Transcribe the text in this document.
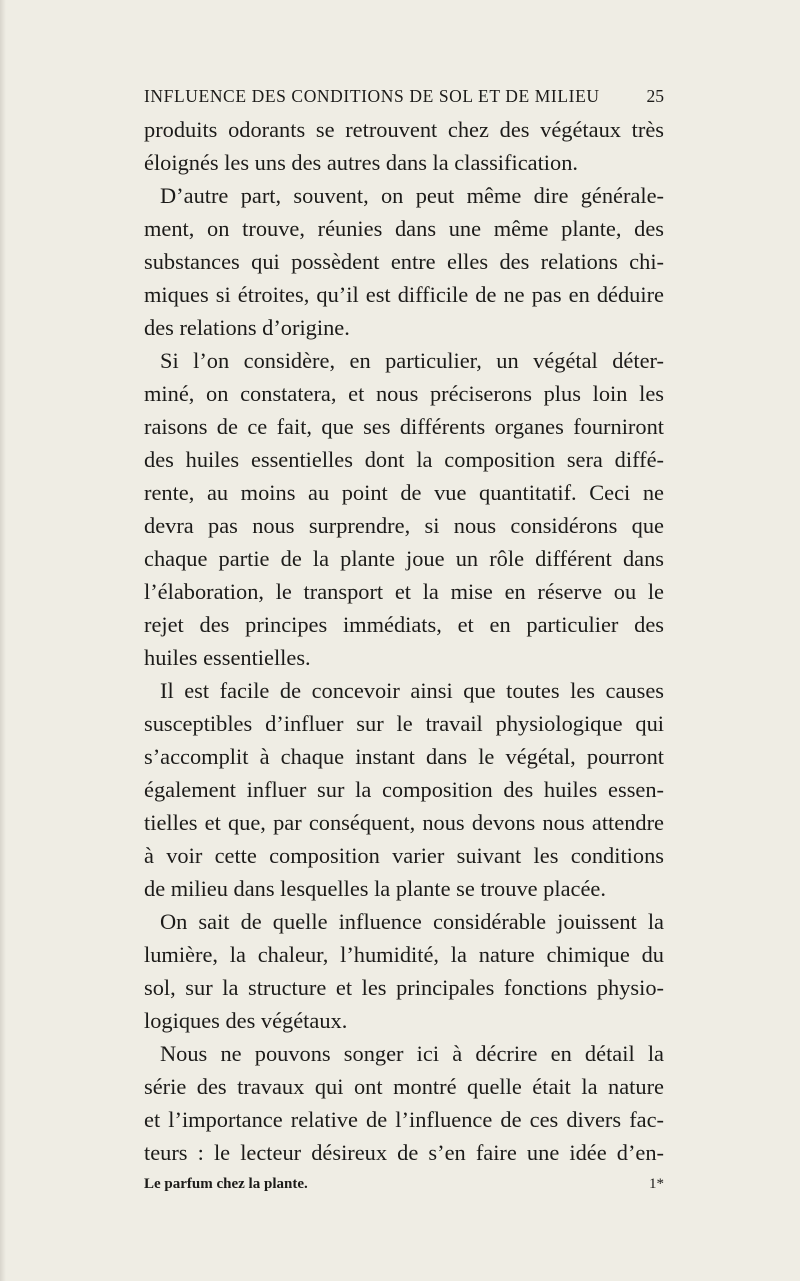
INFLUENCE DES CONDITIONS DE SOL ET DE MILIEU	25
produits odorants se retrouvent chez des végétaux très
éloignés les uns des autres dans la classification.
D’autre part, souvent, on peut même dire générale-
ment, on trouve, réunies dans une même plante, des
substances qui possèdent entre elles des relations chi-
miques si étroites, qu’il est difficile de ne pas en déduire
des relations d’origine.
Si l’on considère, en particulier, un végétal déter-
miné, on constatera, et nous préciserons plus loin les
raisons de ce fait, que ses différents organes fourniront
des huiles essentielles dont la composition sera diffé-
rente, au moins au point de vue quantitatif. Ceci ne
devra pas nous surprendre, si nous considérons que
chaque partie de la plante joue un rôle différent dans
l’élaboration, le transport et la mise en réserve ou le
rejet des principes immédiats, et en particulier des
huiles essentielles.
Il est facile de concevoir ainsi que toutes les causes
susceptibles d’influer sur le travail physiologique qui
s’accomplit à chaque instant dans le végétal, pourront
également influer sur la composition des huiles essen-
tielles et que, par conséquent, nous devons nous attendre
à voir cette composition varier suivant les conditions
de milieu dans lesquelles la plante se trouve placée.
On sait de quelle influence considérable jouissent la
lumière, la chaleur, l’humidité, la nature chimique du
sol, sur la structure et les principales fonctions physio-
logiques des végétaux.
Nous ne pouvons songer ici à décrire en détail la
série des travaux qui ont montré quelle était la nature
et l’importance relative de l’influence de ces divers fac-
teurs : le lecteur désireux de s’en faire une idée d’en-
Le parfum chez la plante.	1*
